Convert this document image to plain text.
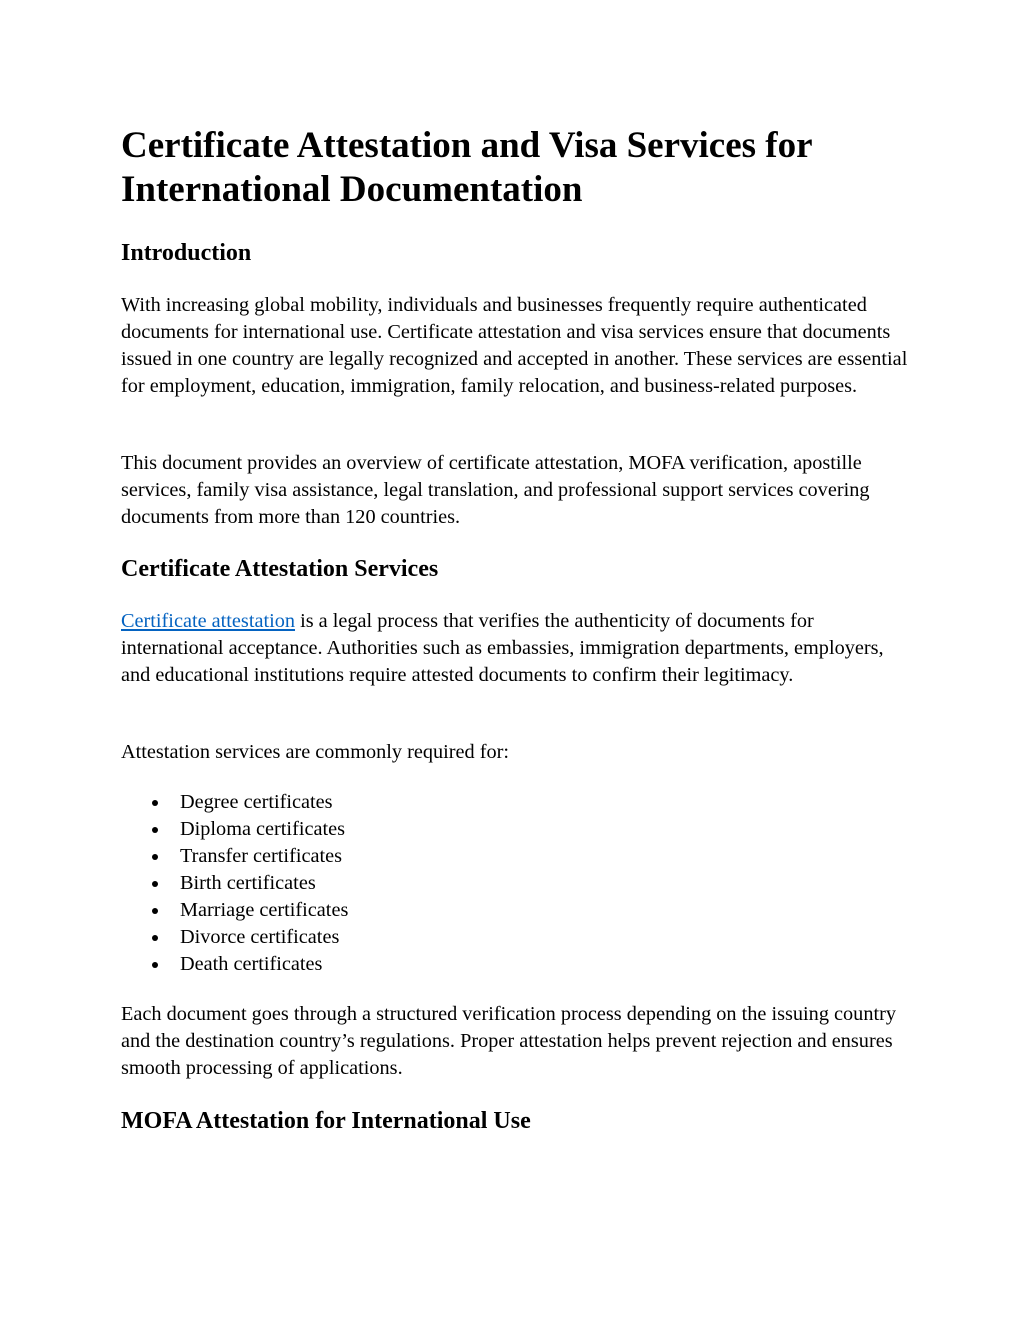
Certificate Attestation and Visa Services for International Documentation
Introduction

With increasing global mobility, individuals and businesses frequently require authenticated documents for international use. Certificate attestation and visa services ensure that documents issued in one country are legally recognized and accepted in another. These services are essential for employment, education, immigration, family relocation, and business-related purposes.

This document provides an overview of certificate attestation, MOFA verification, apostille services, family visa assistance, legal translation, and professional support services covering documents from more than 120 countries.

Certificate Attestation Services

Certificate attestation is a legal process that verifies the authenticity of documents for international acceptance. Authorities such as embassies, immigration departments, employers, and educational institutions require attested documents to confirm their legitimacy.

Attestation services are commonly required for:

Degree certificates
Diploma certificates
Transfer certificates
Birth certificates
Marriage certificates
Divorce certificates
Death certificates

Each document goes through a structured verification process depending on the issuing country and the destination country’s regulations. Proper attestation helps prevent rejection and ensures smooth processing of applications.

MOFA Attestation for International Use
